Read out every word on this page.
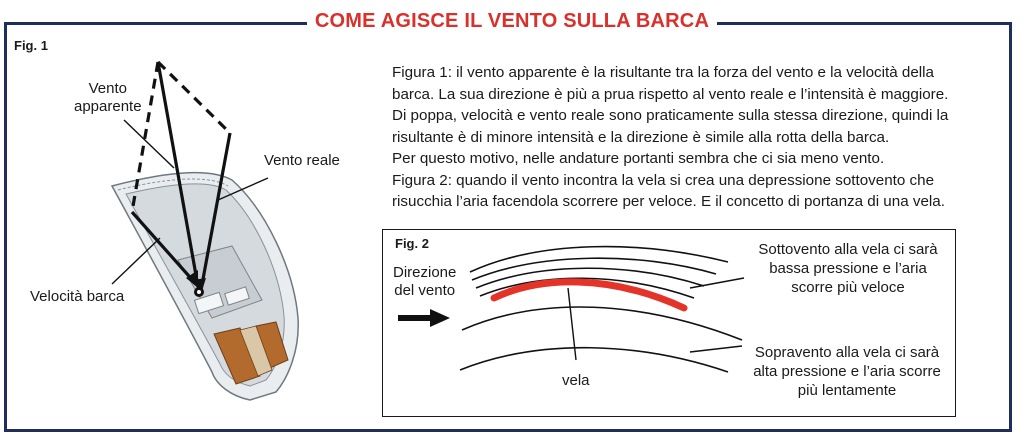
COME AGISCE IL VENTO SULLA BARCA
Fig. 1
Vento
apparente
Vento reale
Velocità barca
Figura 1: il vento apparente è la risultante tra la forza del vento e la velocità della
barca. La sua direzione è più a prua rispetto al vento reale e l’intensità è maggiore.
Di poppa, velocità e vento reale sono praticamente sulla stessa direzione, quindi la
risultante è di minore intensità e la direzione è simile alla rotta della barca.
Per questo motivo, nelle andature portanti sembra che ci sia meno vento.
Figura 2: quando il vento incontra la vela si crea una depressione sottovento che
risucchia l’aria facendola scorrere per veloce. E il concetto di portanza di una vela.
Fig. 2
Direzione
del vento
vela
Sottovento alla vela ci sarà
bassa pressione e l’aria
scorre più veloce
Sopravento alla vela ci sarà
alta pressione e l’aria scorre
più lentamente
